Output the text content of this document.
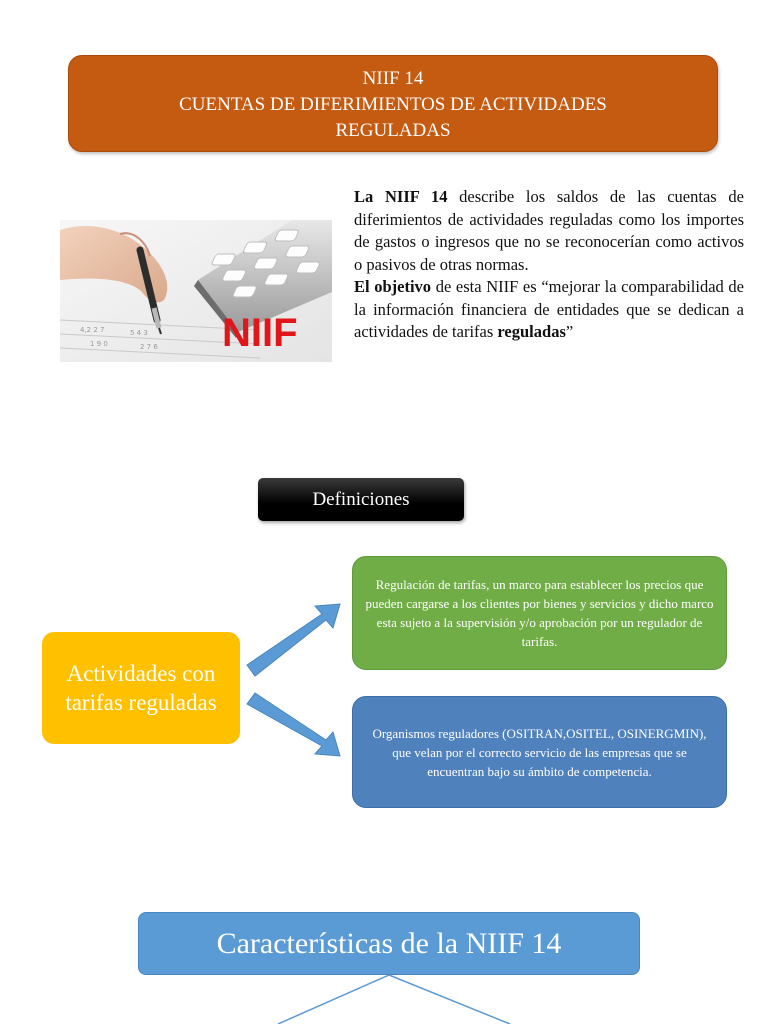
NIIF 14
CUENTAS DE DIFERIMIENTOS DE ACTIVIDADES
REGULADAS
4,2 2 7	5 4 3
1 9 0	2 7 6 NIIF

La NIIF 14 describe los saldos de las cuentas de diferimientos de actividades reguladas como los importes de gastos o ingresos que no se reconocerían como activos o pasivos de otras normas.

El objetivo de esta NIIF es “mejorar la comparabilidad de la información financiera de entidades que se dedican a actividades de tarifas reguladas”

Definiciones
Actividades con
tarifas reguladas
Regulación de tarifas, un marco para establecer los precios que pueden cargarse a los clientes por bienes y servicios y dicho marco esta sujeto a la supervisión y/o aprobación por un regulador de tarifas.
Organismos reguladores (OSITRAN,OSITEL, OSINERGMIN), que velan por el correcto servicio de las empresas que se encuentran bajo su ámbito de competencia.
Características de la NIIF 14
